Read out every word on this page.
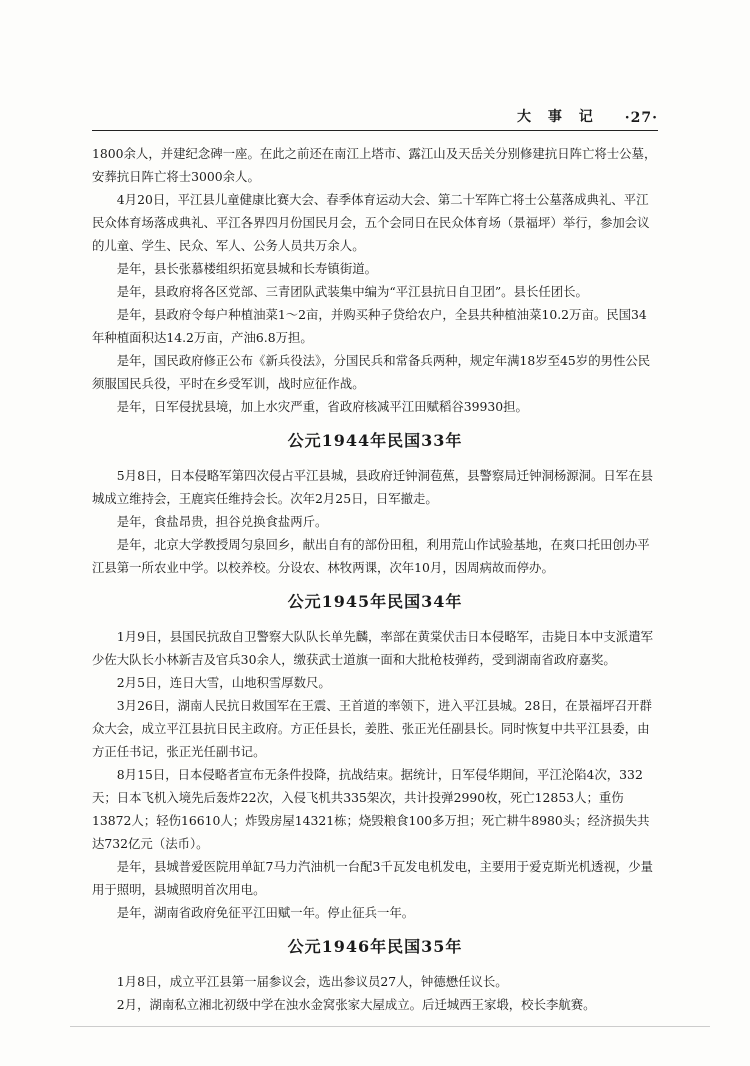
大 事 记 ·27·

1800余人，并建纪念碑一座。在此之前还在南江上塔市、露江山及天岳关分别修建抗日阵亡将士公墓，安葬抗日阵亡将士3000余人。

4月20日，平江县儿童健康比赛大会、春季体育运动大会、第二十军阵亡将士公墓落成典礼、平江民众体育场落成典礼、平江各界四月份国民月会，五个会同日在民众体育场（景福坪）举行，参加会议的儿童、学生、民众、军人、公务人员共万余人。

是年，县长张慕楼组织拓宽县城和长寿镇街道。

是年，县政府将各区党部、三青团队武装集中编为“平江县抗日自卫团”。县长任团长。

是年，县政府令每户种植油菜1～2亩，并购买种子贷给农户，全县共种植油菜10.2万亩。民国34年种植面积达14.2万亩，产油6.8万担。

是年，国民政府修正公布《新兵役法》，分国民兵和常备兵两种，规定年满18岁至45岁的男性公民须服国民兵役，平时在乡受军训，战时应征作战。

是年，日军侵扰县境，加上水灾严重，省政府核减平江田赋稻谷39930担。

公元1944年民国33年

5月8日，日本侵略军第四次侵占平江县城，县政府迁钟洞苞蕉，县警察局迁钟洞杨源洞。日军在县城成立维持会，王鹿宾任维持会长。次年2月25日，日军撤走。

是年，食盐昂贵，担谷兑换食盐两斤。

是年，北京大学教授周匀泉回乡，献出自有的部份田租，利用荒山作试验基地，在爽口托田创办平江县第一所农业中学。以校养校。分设农、林牧两课，次年10月，因周病故而停办。

公元1945年民国34年

1月9日，县国民抗敌自卫警察大队队长单先麟，率部在黄棠伏击日本侵略军，击毙日本中支派遣军少佐大队长小林新吉及官兵30余人，缴获武士道旗一面和大批枪枝弹药，受到湖南省政府嘉奖。

2月5日，连日大雪，山地积雪厚数尺。

3月26日，湖南人民抗日救国军在王震、王首道的率领下，进入平江县城。28日，在景福坪召开群众大会，成立平江县抗日民主政府。方正任县长，姜胜、张正光任副县长。同时恢复中共平江县委，由方正任书记，张正光任副书记。

8月15日，日本侵略者宣布无条件投降，抗战结束。据统计，日军侵华期间，平江沦陷4次，332天；日本飞机入境先后轰炸22次，入侵飞机共335架次，共计投弹2990枚，死亡12853人；重伤13872人；轻伤16610人；炸毁房屋14321栋；烧毁粮食100多万担；死亡耕牛8980头；经济损失共达732亿元（法币）。

是年，县城普爱医院用单缸7马力汽油机一台配3千瓦发电机发电，主要用于爱克斯光机透视，少量用于照明，县城照明首次用电。

是年，湖南省政府免征平江田赋一年。停止征兵一年。

公元1946年民国35年

1月8日，成立平江县第一届参议会，选出参议员27人，钟德懋任议长。

2月，湖南私立湘北初级中学在浊水金窝张家大屋成立。后迁城西王家塅，校长李航赛。
